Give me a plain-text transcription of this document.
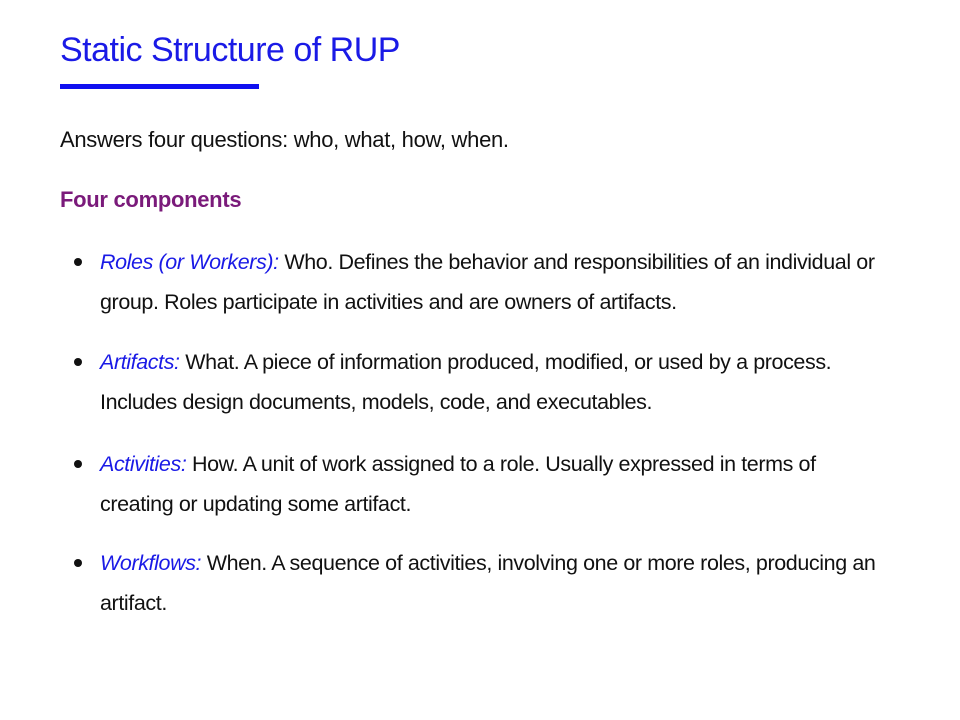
Static Structure of RUP

Answers four questions: who, what, how, when.

Four components
Roles (or Workers): Who. Defines the behavior and responsibilities of an individual or group. Roles participate in activities and are owners of artifacts.
Artifacts: What. A piece of information produced, modified, or used by a process. Includes design documents, models, code, and executables.
Activities: How. A unit of work assigned to a role. Usually expressed in terms of creating or updating some artifact.
Workflows: When. A sequence of activities, involving one or more roles, producing an artifact.
